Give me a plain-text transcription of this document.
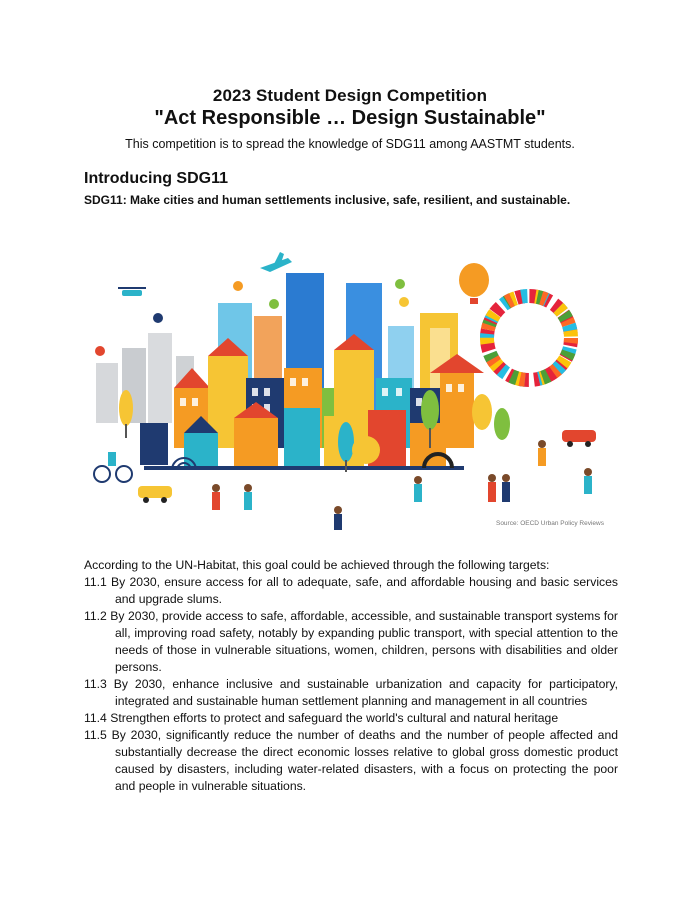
2023 Student Design Competition
"Act Responsible … Design Sustainable"
This competition is to spread the knowledge of SDG11 among AASTMT students.
Introducing SDG11
SDG11: Make cities and human settlements inclusive, safe, resilient, and sustainable.
Source: OECD Urban Policy Reviews

According to the UN-Habitat, this goal could be achieved through the following targets:

11.1 By 2030, ensure access for all to adequate, safe, and affordable housing and basic services and upgrade slums.

11.2 By 2030, provide access to safe, affordable, accessible, and sustainable transport systems for all, improving road safety, notably by expanding public transport, with special attention to the needs of those in vulnerable situations, women, children, persons with disabilities and older persons.

11.3 By 2030, enhance inclusive and sustainable urbanization and capacity for participatory, integrated and sustainable human settlement planning and management in all countries

11.4 Strengthen efforts to protect and safeguard the world's cultural and natural heritage

11.5 By 2030, significantly reduce the number of deaths and the number of people affected and substantially decrease the direct economic losses relative to global gross domestic product caused by disasters, including water-related disasters, with a focus on protecting the poor and people in vulnerable situations.
